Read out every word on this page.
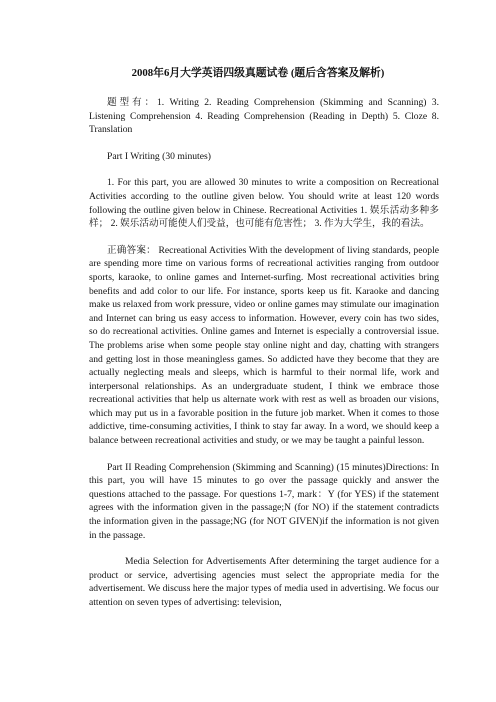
2008年6月大学英语四级真题试卷 (题后含答案及解析)

题型有：1. Writing 2. Reading Comprehension (Skimming and Scanning) 3. Listening Comprehension 4. Reading Comprehension (Reading in Depth) 5. Cloze 8. Translation

Part I Writing (30 minutes)

1. For this part, you are allowed 30 minutes to write a composition on Recreational Activities according to the outline given below. You should write at least 120 words following the outline given below in Chinese. Recreational Activities 1. 娱乐活动多种多样； 2. 娱乐活动可能使人们受益，也可能有危害性； 3. 作为大学生，我的看法。

正确答案： Recreational Activities With the development of living standards, people are spending more time on various forms of recreational activities ranging from outdoor sports, karaoke, to online games and Internet-surfing. Most recreational activities bring benefits and add color to our life. For instance, sports keep us fit. Karaoke and dancing make us relaxed from work pressure, video or online games may stimulate our imagination and Internet can bring us easy access to information. However, every coin has two sides, so do recreational activities. Online games and Internet is especially a controversial issue. The problems arise when some people stay online night and day, chatting with strangers and getting lost in those meaningless games. So addicted have they become that they are actually neglecting meals and sleeps, which is harmful to their normal life, work and interpersonal relationships. As an undergraduate student, I think we embrace those recreational activities that help us alternate work with rest as well as broaden our visions, which may put us in a favorable position in the future job market. When it comes to those addictive, time-consuming activities, I think to stay far away. In a word, we should keep a balance between recreational activities and study, or we may be taught a painful lesson.

Part II Reading Comprehension (Skimming and Scanning) (15 minutes)Directions: In this part, you will have 15 minutes to go over the passage quickly and answer the questions attached to the passage. For questions 1-7, mark：Y (for YES) if the statement agrees with the information given in the passage;N (for NO) if the statement contradicts the information given in the passage;NG (for NOT GIVEN)if the information is not given in the passage.

Media Selection for Advertisements After determining the target audience for a product or service, advertising agencies must select the appropriate media for the advertisement. We discuss here the major types of media used in advertising. We focus our attention on seven types of advertising: television,
